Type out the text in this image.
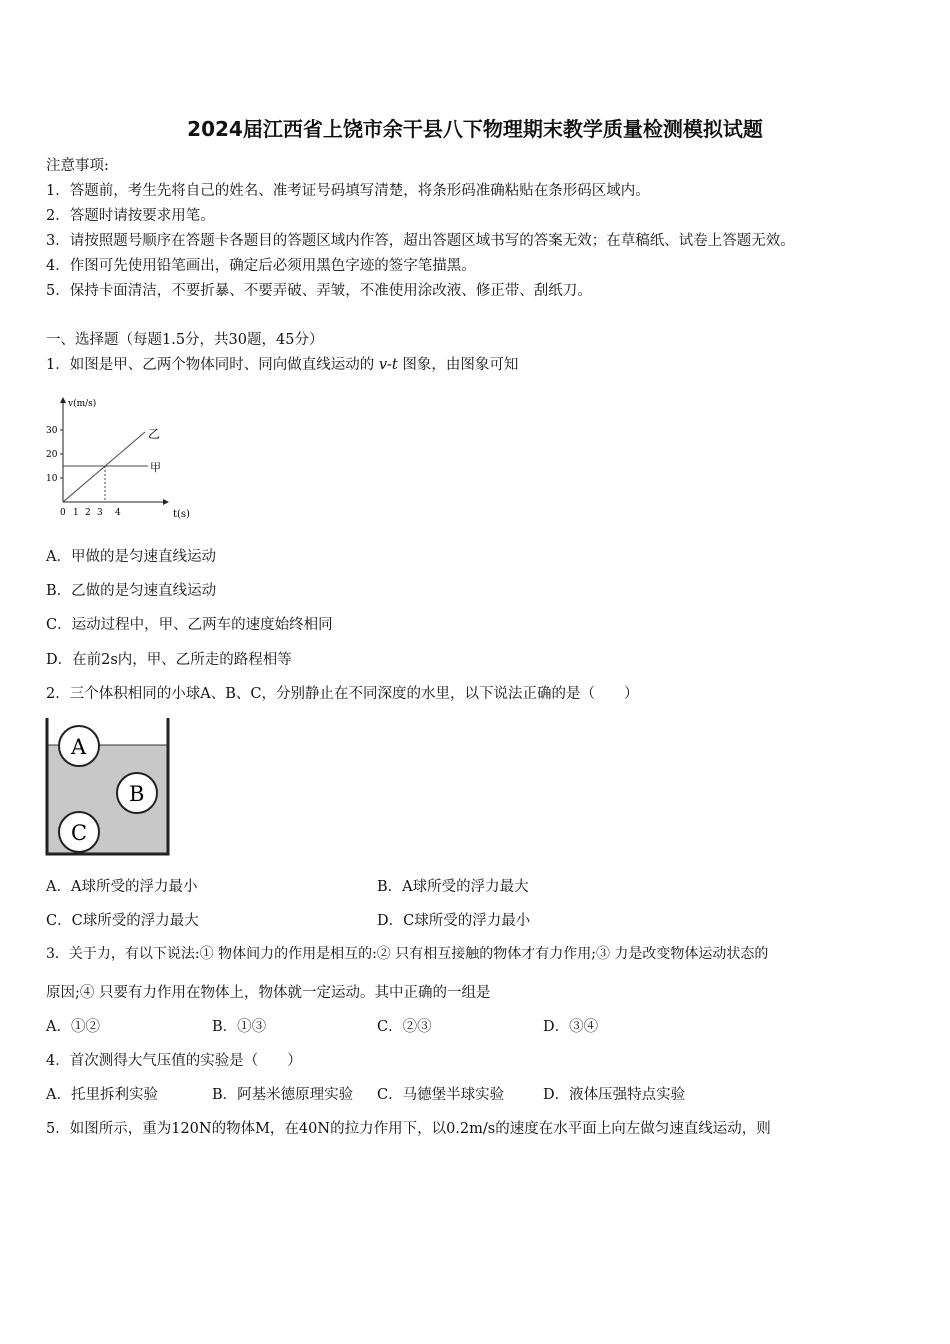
2024届江西省上饶市余干县八下物理期末教学质量检测模拟试题
注意事项:
1．答题前，考生先将自己的姓名、准考证号码填写清楚，将条形码准确粘贴在条形码区域内。
2．答题时请按要求用笔。
3．请按照题号顺序在答题卡各题目的答题区域内作答，超出答题区域书写的答案无效；在草稿纸、试卷上答题无效。
4．作图可先使用铅笔画出，确定后必须用黑色字迹的签字笔描黑。
5．保持卡面清洁，不要折暴、不要弄破、弄皱，不准使用涂改液、修正带、刮纸刀。
一、选择题（每题1.5分，共30题，45分）
1．如图是甲、乙两个物体同时、同向做直线运动的 v-t 图象，由图象可知
v(m/s)
t(s)
30
20
10
0 1 2 3 4
乙
甲
A．甲做的是匀速直线运动
B．乙做的是匀速直线运动
C．运动过程中，甲、乙两车的速度始终相同
D．在前2s内，甲、乙所走的路程相等
2．三个体积相同的小球A、B、C，分别静止在不同深度的水里，以下说法正确的是（　　）
A
B
C
A．A球所受的浮力最小	B．A球所受的浮力最大
C．C球所受的浮力最大	D．C球所受的浮力最小
3．关于力，有以下说法:① 物体间力的作用是相互的:② 只有相互接触的物体才有力作用;③ 力是改变物体运动状态的
原因;④ 只要有力作用在物体上，物体就一定运动。其中正确的一组是
A．①②	B．①③	C．②③	D．③④
4．首次测得大气压值的实验是（　　）
A．托里拆利实验	B．阿基米德原理实验 C．马德堡半球实验	D．液体压强特点实验
5．如图所示，重为120N的物体M，在40N的拉力作用下，以0.2m/s的速度在水平面上向左做匀速直线运动，则
